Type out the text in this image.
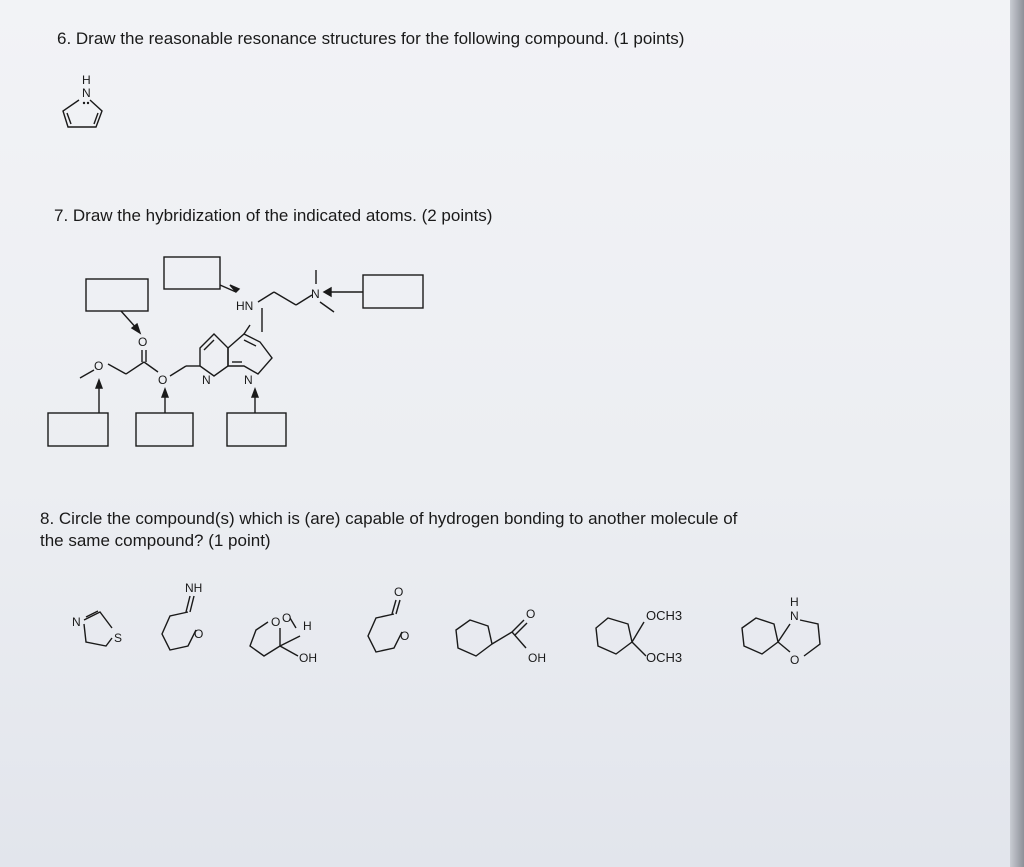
6. Draw the reasonable resonance structures for the following compound. (1 points)
7. Draw the hybridization of the indicated atoms. (2 points)
8. Circle the compound(s) which is (are) capable of hydrogen bonding to another molecule of
the same compound? (1 point)
H
N
HN
N
N	N
O
O
O
N
S
NH
O
O H
O
OH
O
O
O
OH
OCH3
OCH3
H
N
O
